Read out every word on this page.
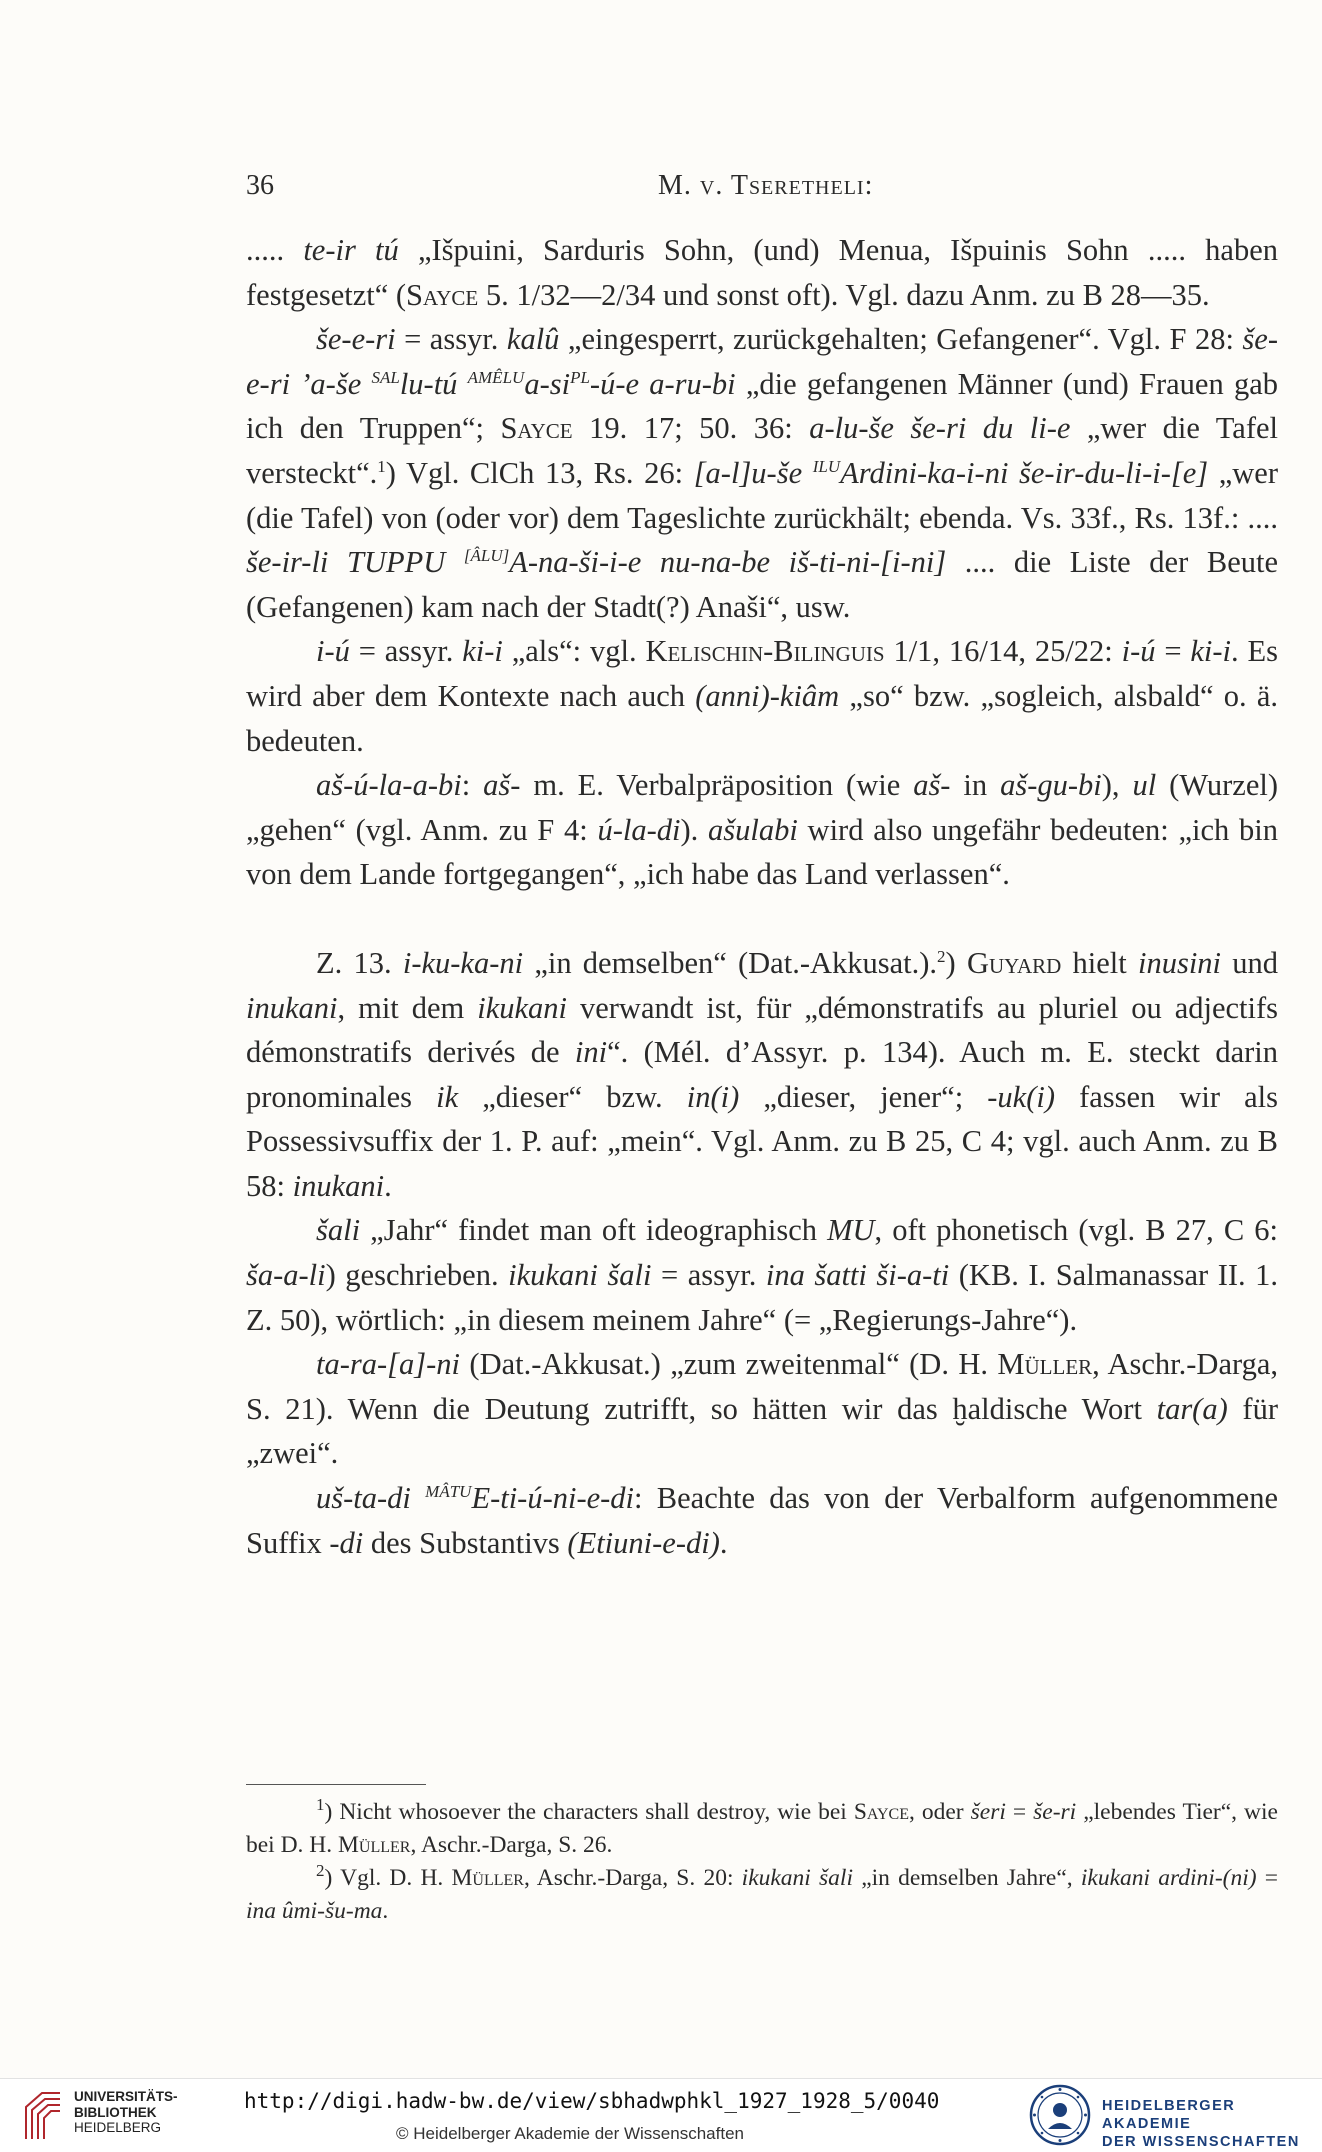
36	M. v. Tseretheli:

..... te-ir tú „Išpuini, Sarduris Sohn, (und) Menua, Išpuinis Sohn ..... haben festgesetzt“ (Sayce 5. 1/32—2/34 und sonst oft). Vgl. dazu Anm. zu B 28—35.

še-e-ri = assyr. kalû „eingesperrt, zurückgehalten; Gefangener“. Vgl. F 28: še-e-ri ’a-še $^{SAL}$lu-tú $^{AMÊLU}a-si^{PL}-ú-e$ a-ru-bi „die gefangenen Männer (und) Frauen gab ich den Truppen“; Sayce 19. 17; 50. 36: a-lu-še še-ri du li-e „wer die Tafel versteckt“.$^1$) Vgl. ClCh 13, Rs. 26: [a-l]u-še $^{ILU}$Ardini-ka-i-ni še-ir-du-li-i-[e] „wer (die Tafel) von (oder vor) dem Tageslichte zurückhält; ebenda. Vs. 33f., Rs. 13f.: .... še-ir-li TUPPU [ÂLU]A-na-ši-i-e nu-na-be iš-ti-ni-[i-ni] .... die Liste der Beute (Gefangenen) kam nach der Stadt(?) Anaši“, usw.

i-ú = assyr. ki-i „als“: vgl. Kelischin-Bilinguis 1/1, 16/14, 25/22: i-ú = ki-i. Es wird aber dem Kontexte nach auch (anni)-kiâm „so“ bzw. „sogleich, alsbald“ o. ä. bedeuten.

aš-ú-la-a-bi: aš- m. E. Verbalpräposition (wie aš- in aš-gu-bi), ul (Wurzel) „gehen“ (vgl. Anm. zu F 4: ú-la-di). ašulabi wird also ungefähr bedeuten: „ich bin von dem Lande fortgegangen“, „ich habe das Land verlassen“.

Z. 13. i-ku-ka-ni „in demselben“ (Dat.-Akkusat.).$^2$) Guyard hielt inusini und inukani, mit dem ikukani verwandt ist, für „démonstratifs au pluriel ou adjectifs démonstratifs derivés de ini“. (Mél. d’Assyr. p. 134). Auch m. E. steckt darin pronominales ik „dieser“ bzw. in(i) „dieser, jener“; -uk(i) fassen wir als Possessivsuffix der 1. P. auf: „mein“. Vgl. Anm. zu B 25, C 4; vgl. auch Anm. zu B 58: inukani.

šali „Jahr“ findet man oft ideographisch MU, oft phonetisch (vgl. B 27, C 6: ša-a-li) geschrieben. ikukani šali = assyr. ina šatti ši-a-ti (KB. I. Salmanassar II. 1. Z. 50), wörtlich: „in diesem meinem Jahre“ (= „Regierungs-Jahre“).

ta-ra-[a]-ni (Dat.-Akkusat.) „zum zweitenmal“ (D. H. Müller, Aschr.-Darga, S. 21). Wenn die Deutung zutrifft, so hätten wir das ḫaldische Wort tar(a) für „zwei“.

uš-ta-di $^{MÂTU}$E-ti-ú-ni-e-di: Beachte das von der Verbalform aufgenommene Suffix -di des Substantivs (Etiuni-e-di).

$^1$) Nicht whosoever the characters shall destroy, wie bei Sayce, oder šeri = še-ri „lebendes Tier“, wie bei D. H. Müller, Aschr.-Darga, S. 26.

$^2$) Vgl. D. H. Müller, Aschr.-Darga, S. 20: ikukani šali „in demselben Jahre“, ikukani ardini-(ni) = ina ûmi-šu-ma.

UNIVERSITÄTS-
BIBLIOTHEK
HEIDELBERG
http://digi.hadw-bw.de/view/sbhadwphkl_1927_1928_5/0040
© Heidelberger Akademie der Wissenschaften
HEIDELBERGER AKADEMIE
DER WISSENSCHAFTEN
